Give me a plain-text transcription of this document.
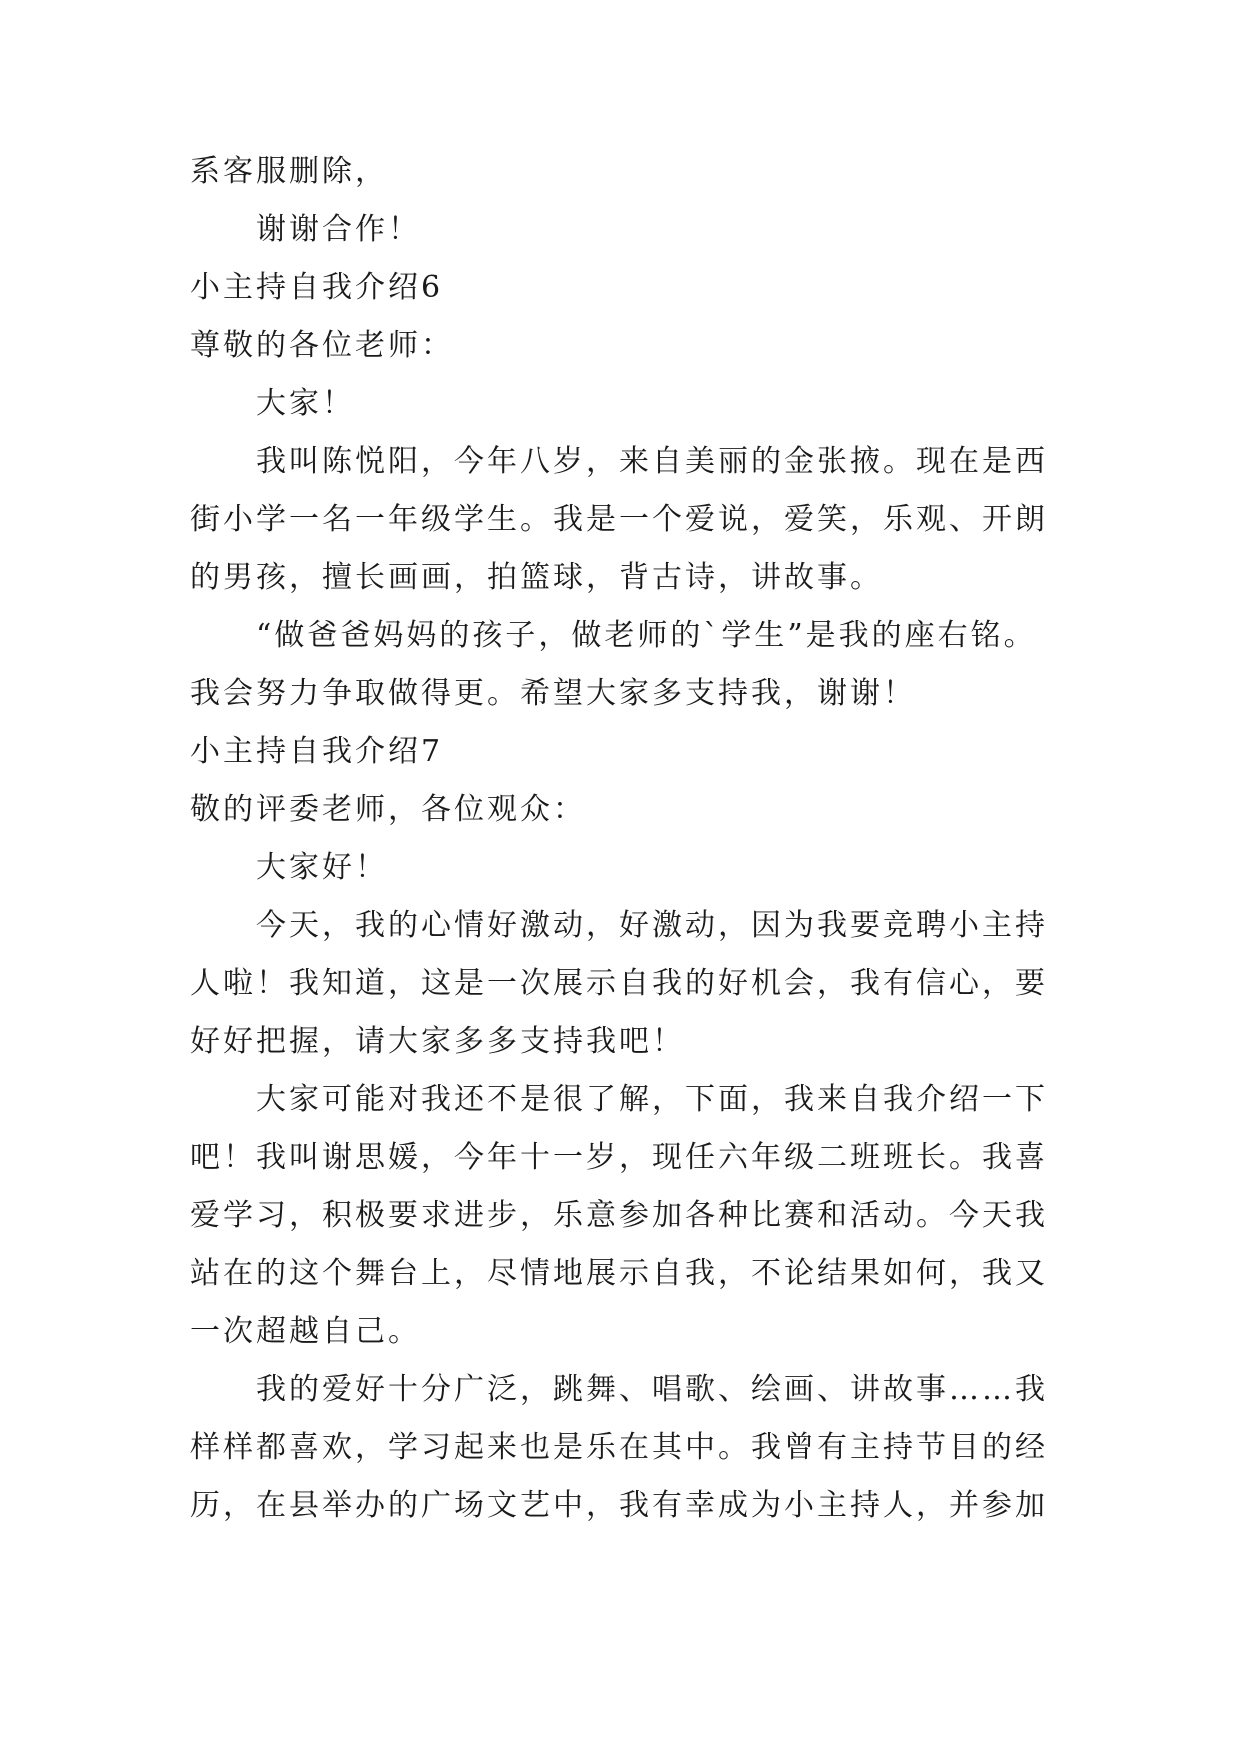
系客服删除，
谢谢合作！
小主持自我介绍6
尊敬的各位老师：
大家！
我叫陈悦阳，今年八岁，来自美丽的金张掖。现在是西
街小学一名一年级学生。我是一个爱说，爱笑，乐观、开朗
的男孩，擅长画画，拍篮球，背古诗，讲故事。
“做爸爸妈妈的孩子，做老师的`学生”是我的座右铭。
我会努力争取做得更。希望大家多支持我，谢谢！
小主持自我介绍7
敬的评委老师，各位观众：
大家好！
今天，我的心情好激动，好激动，因为我要竞聘小主持
人啦！我知道，这是一次展示自我的好机会，我有信心，要
好好把握，请大家多多支持我吧！
大家可能对我还不是很了解，下面，我来自我介绍一下
吧！我叫谢思媛，今年十一岁，现任六年级二班班长。我喜
爱学习，积极要求进步，乐意参加各种比赛和活动。今天我
站在的这个舞台上，尽情地展示自我，不论结果如何，我又
一次超越自己。
我的爱好十分广泛，跳舞、唱歌、绘画、讲故事……我
样样都喜欢，学习起来也是乐在其中。我曾有主持节目的经
历，在县举办的广场文艺中，我有幸成为小主持人，并参加
